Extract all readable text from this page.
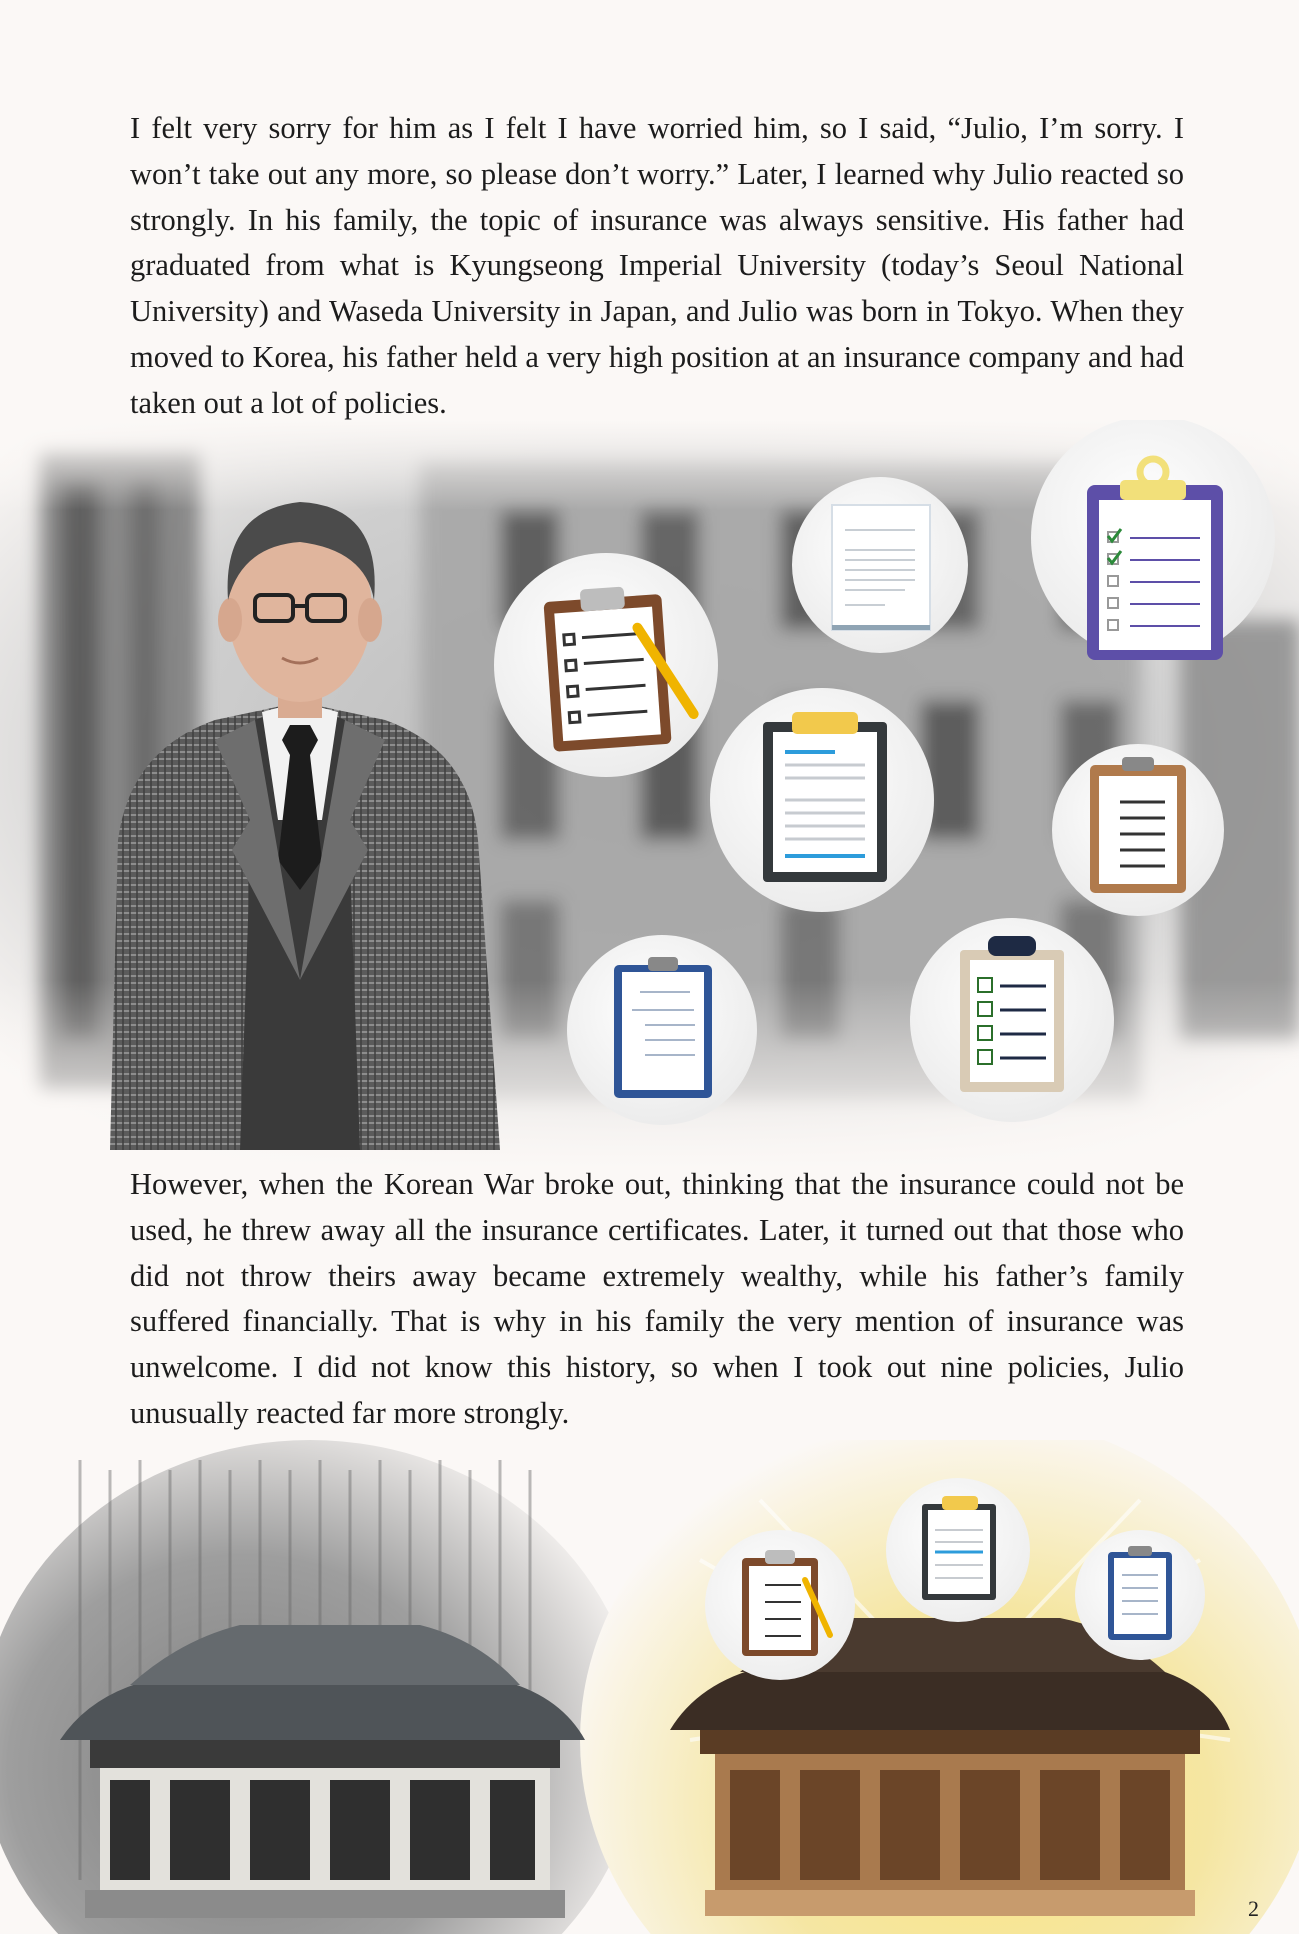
I felt very sorry for him as I felt I have worried him, so I said, “Julio, I’m sorry. I won’t take out any more, so please don’t worry.” Later, I learned why Julio reacted so strongly. In his family, the topic of insurance was always sensitive. His father had graduated from what is Kyungseong Imperial University (today’s Seoul National University) and Waseda University in Japan, and Julio was born in Tokyo. When they moved to Korea, his father held a very high position at an insurance company and had taken out a lot of policies.

However, when the Korean War broke out, thinking that the insurance could not be used, he threw away all the insurance certificates. Later, it turned out that those who did not throw theirs away became extremely wealthy, while his father’s family suffered financially. That is why in his family the very mention of insurance was unwelcome. I did not know this history, so when I took out nine policies, Julio unusually reacted far more strongly.

2
